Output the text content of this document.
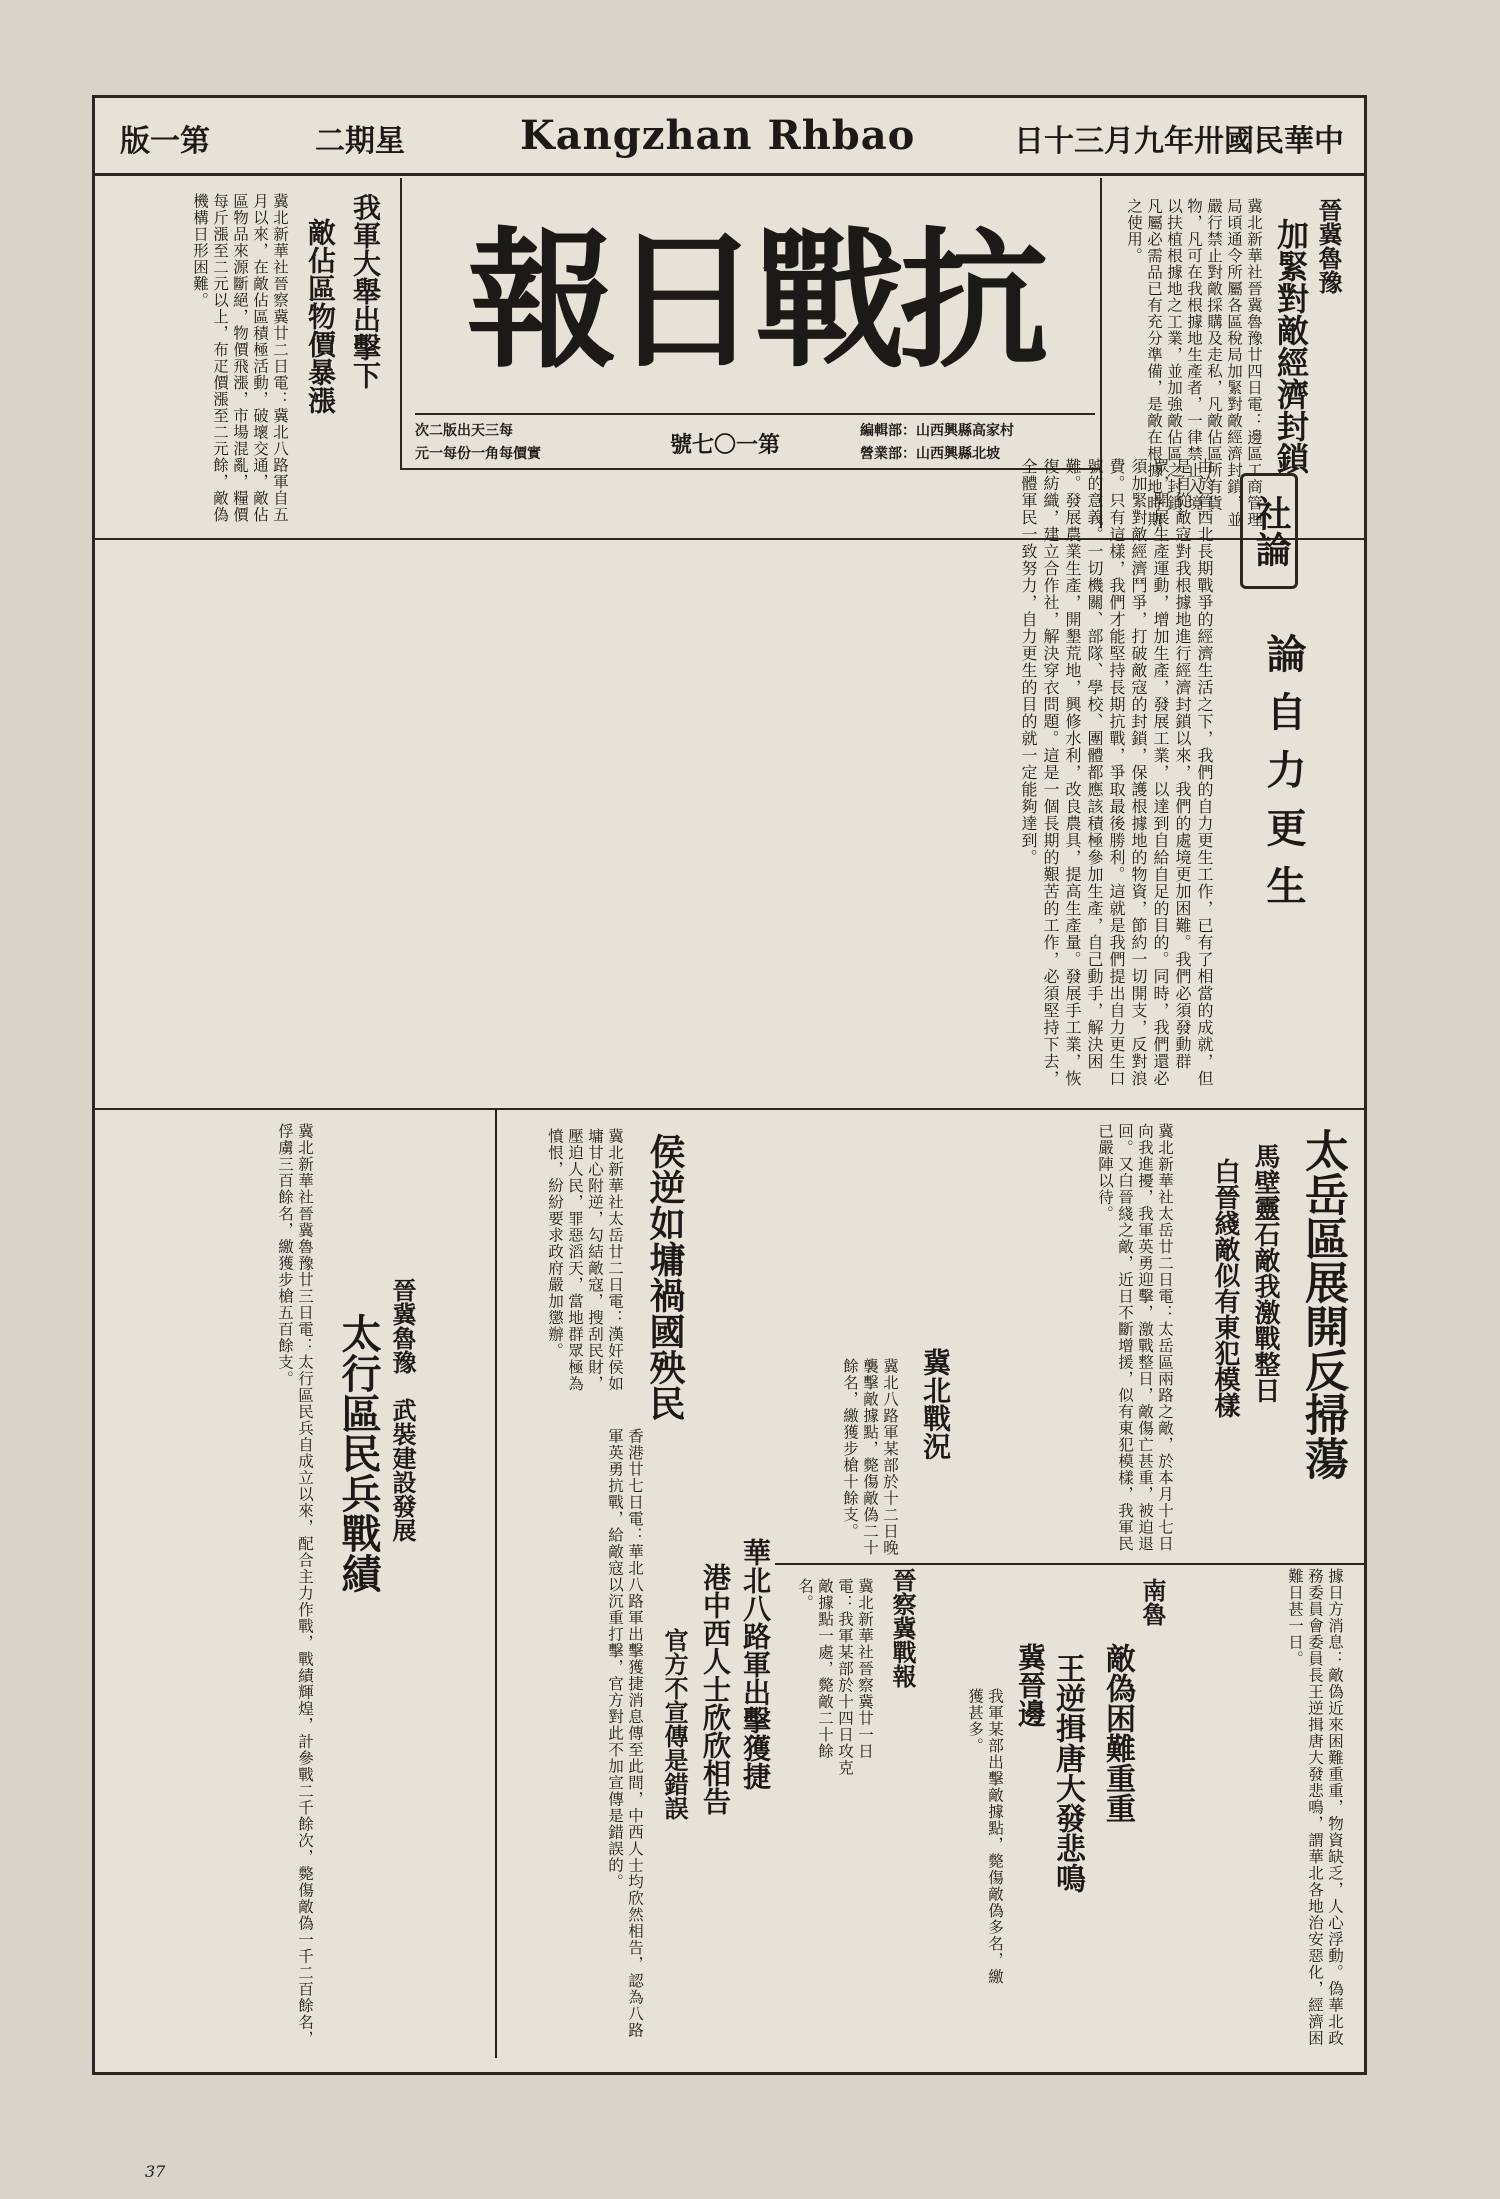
版一第	二期星	Kangzhan Rhbao	日十三月九年卅國民華中
晉冀魯豫
加緊對敵經濟封鎖
冀北新華社晉冀魯豫廿四日電：邊區工商管理局頃通令所屬各區稅局加緊對敵經濟封鎖，並嚴行禁止對敵採購及走私，凡敵佔區所有貨物，凡可在我根據地生產者，一律禁止入境，以扶植根據地之工業，並加強敵佔區之封鎖，凡屬必需品已有充分準備，是敵在根據地時期之使用。
抗戰日報
號七〇一第
次二版出天三每
元一每份一角每價實
編輯部：山西興縣高家村
營業部：山西興縣北坡
我軍大舉出擊下
敵佔區物價暴漲
冀北新華社晉察冀廿二日電：冀北八路軍自五月以來，在敵佔區積極活動，破壞交通，敵佔區物品來源斷絕，物價飛漲，市場混亂，糧價每斤漲至二元以上，布疋價漲至二元餘，敵偽機構日形困難。
社論
論自力更生
由於晉西北長期戰爭的經濟生活之下，我們的自力更生工作，已有了相當的成就，但是自從敵寇對我根據地進行經濟封鎖以來，我們的處境更加困難。我們必須發動群眾，開展生產運動，增加生產，發展工業，以達到自給自足的目的。同時，我們還必須加緊對敵經濟鬥爭，打破敵寇的封鎖，保護根據地的物資，節約一切開支，反對浪費。只有這樣，我們才能堅持長期抗戰，爭取最後勝利。這就是我們提出自力更生口號的意義。一切機關、部隊、學校、團體都應該積極參加生產，自己動手，解決困難。發展農業生產，開墾荒地，興修水利，改良農具，提高生產量。發展手工業，恢復紡織，建立合作社，解決穿衣問題。這是一個長期的艱苦的工作，必須堅持下去，全體軍民一致努力，自力更生的目的就一定能夠達到。
太岳區展開反掃蕩
馬壁靈石敵我激戰整日
白晉綫敵似有東犯模樣
冀北新華社太岳廿二日電：太岳區兩路之敵，於本月十七日向我進擾，我軍英勇迎擊，激戰整日，敵傷亡甚重，被迫退回。又白晉綫之敵，近日不斷增援，似有東犯模樣，我軍民已嚴陣以待。
冀北戰況
冀北八路軍某部於十二日晚襲擊敵據點，斃傷敵偽二十餘名，繳獲步槍十餘支。
侯逆如墉禍國殃民
冀北新華社太岳廿二日電：漢奸侯如墉甘心附逆，勾結敵寇，搜刮民財，壓迫人民，罪惡滔天，當地群眾極為憤恨，紛紛要求政府嚴加懲辦。
晉冀魯豫
武裝建設發展
太行區民兵戰績
冀北新華社晉冀魯豫廿三日電：太行區民兵自成立以來，配合主力作戰，戰績輝煌，計參戰二千餘次，斃傷敵偽一千二百餘名，俘虜三百餘名，繳獲步槍五百餘支。
華北八路軍出擊獲捷
港中西人士欣欣相告
官方不宣傳是錯誤
香港廿七日電：華北八路軍出擊獲捷消息傳至此間，中西人士均欣然相告，認為八路軍英勇抗戰，給敵寇以沉重打擊，官方對此不加宣傳是錯誤的。	晉察冀戰報
冀北新華社晉察冀廿一日電：我軍某部於十四日攻克敵據點一處，斃敵二十餘名。
冀晉邊
我軍某部出擊敵據點，斃傷敵偽多名，繳獲甚多。
南魯
敵偽困難重重
王逆揖唐大發悲鳴	據日方消息：敵偽近來困難重重，物資缺乏，人心浮動。偽華北政務委員會委員長王逆揖唐大發悲鳴，謂華北各地治安惡化，經濟困難日甚一日。
37
